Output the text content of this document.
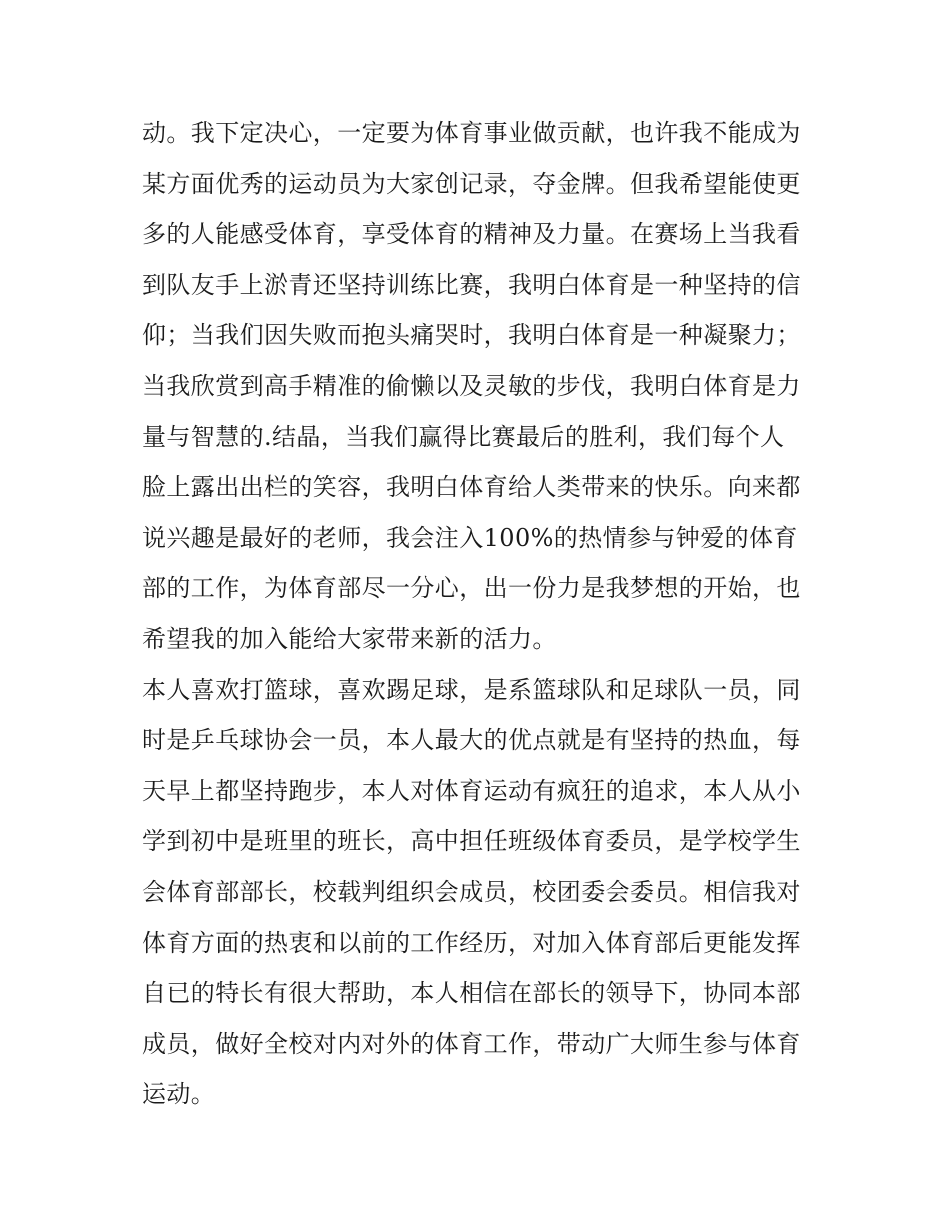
动。我下定决心，一定要为体育事业做贡献，也许我不能成为
某方面优秀的运动员为大家创记录，夺金牌。但我希望能使更
多的人能感受体育，享受体育的精神及力量。在赛场上当我看
到队友手上淤青还坚持训练比赛，我明白体育是一种坚持的信
仰；当我们因失败而抱头痛哭时，我明白体育是一种凝聚力；
当我欣赏到高手精准的偷懒以及灵敏的步伐，我明白体育是力
量与智慧的.结晶，当我们赢得比赛最后的胜利，我们每个人
脸上露出出栏的笑容，我明白体育给人类带来的快乐。向来都
说兴趣是最好的老师，我会注入100%的热情参与钟爱的体育
部的工作，为体育部尽一分心，出一份力是我梦想的开始，也
希望我的加入能给大家带来新的活力。
本人喜欢打篮球，喜欢踢足球，是系篮球队和足球队一员，同
时是乒乓球协会一员，本人最大的优点就是有坚持的热血，每
天早上都坚持跑步，本人对体育运动有疯狂的追求，本人从小
学到初中是班里的班长，高中担任班级体育委员，是学校学生
会体育部部长，校载判组织会成员，校团委会委员。相信我对
体育方面的热衷和以前的工作经历，对加入体育部后更能发挥
自已的特长有很大帮助，本人相信在部长的领导下，协同本部
成员，做好全校对内对外的体育工作，带动广大师生参与体育
运动。
